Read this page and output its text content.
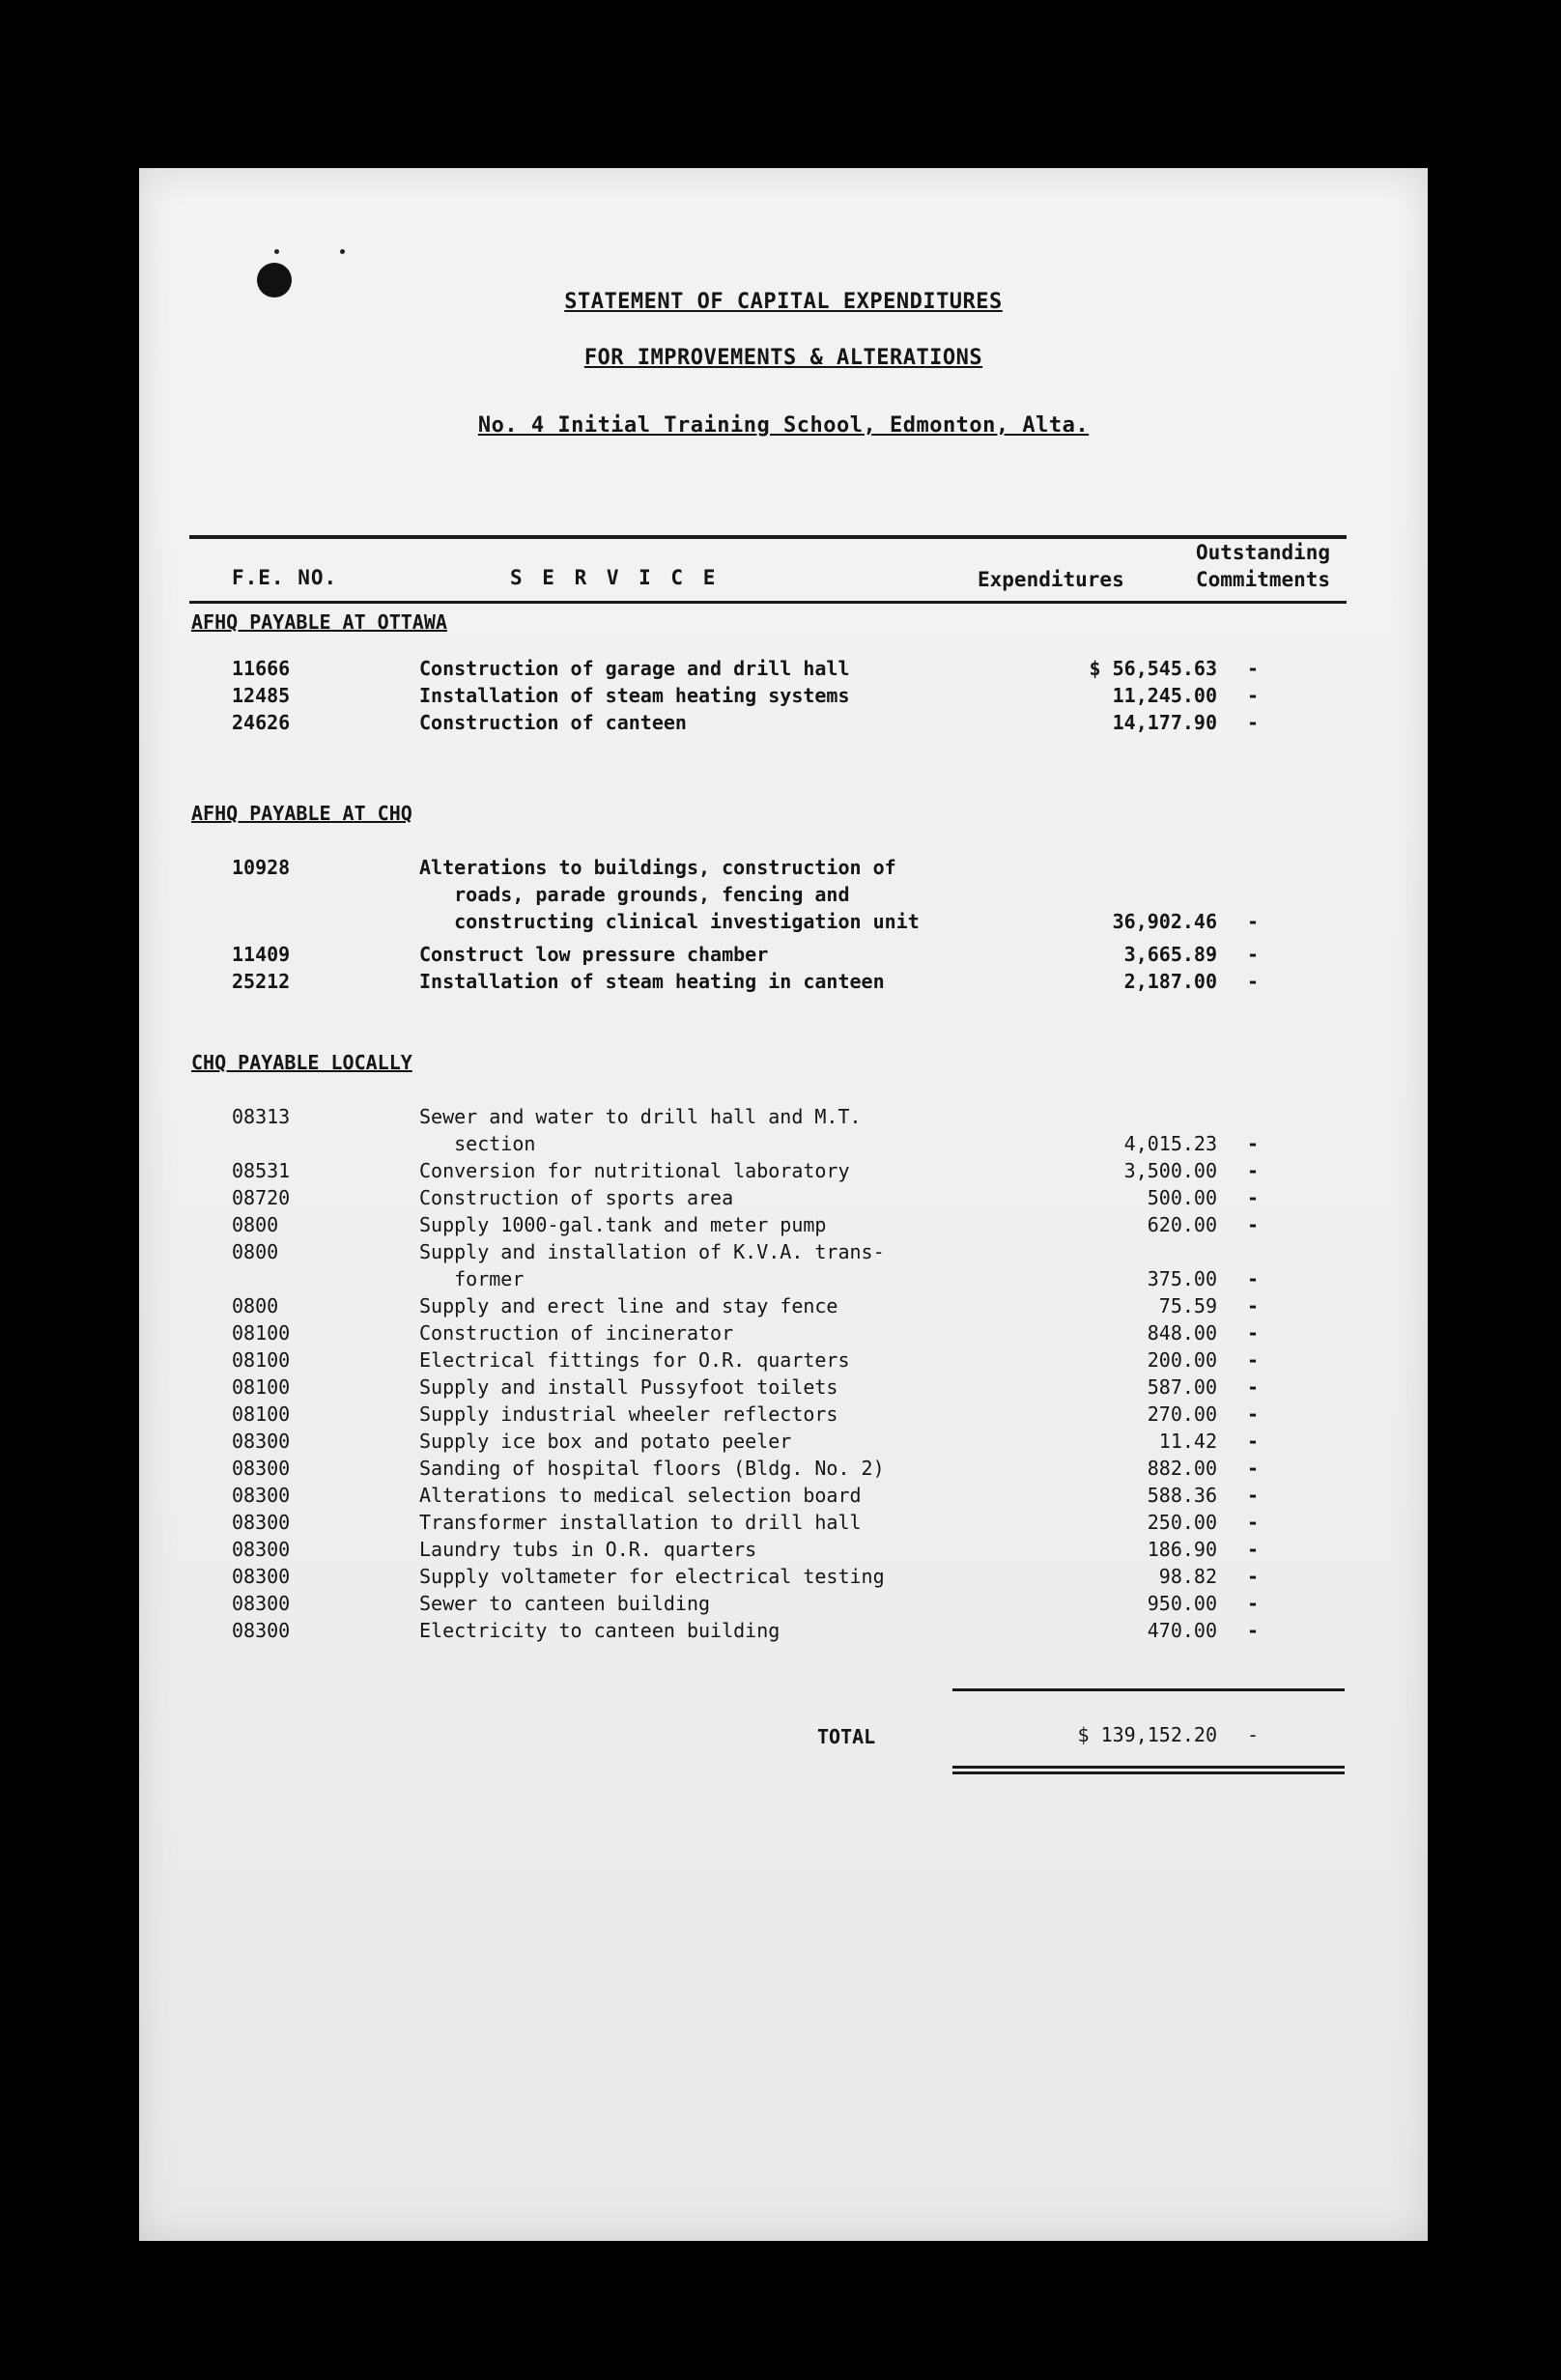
STATEMENT OF CAPITAL EXPENDITURES
FOR IMPROVEMENTS & ALTERATIONS
No. 4 Initial Training School, Edmonton, Alta.
F.E. NO.	S E R V I C E	Expenditures
Outstanding
Commitments
AFHQ PAYABLE AT OTTAWA
AFHQ PAYABLE AT CHQ
CHQ PAYABLE LOCALLY
11666	Construction of garage and drill hall	$ 56,545.63	-
12485	Installation of steam heating systems	11,245.00	-
24626	Construction of canteen	14,177.90	-
10928	Alterations to buildings, construction of
roads, parade grounds, fencing and
constructing clinical investigation unit	36,902.46	-
11409	Construct low pressure chamber	3,665.89	-
25212	Installation of steam heating in canteen	2,187.00	-
08313	Sewer and water to drill hall and M.T.
section	4,015.23	-
08531	Conversion for nutritional laboratory	3,500.00	-
08720	Construction of sports area	500.00	-
0800	Supply 1000-gal.tank and meter pump	620.00	-
0800	Supply and installation of K.V.A. trans-
former	375.00	-
0800	Supply and erect line and stay fence	75.59	-
08100	Construction of incinerator	848.00	-
08100	Electrical fittings for O.R. quarters	200.00	-
08100	Supply and install Pussyfoot toilets	587.00	-
08100	Supply industrial wheeler reflectors	270.00	-
08300	Supply ice box and potato peeler	11.42	-
08300	Sanding of hospital floors (Bldg. No. 2)	882.00	-
08300	Alterations to medical selection board	588.36	-
08300	Transformer installation to drill hall	250.00	-
08300	Laundry tubs in O.R. quarters	186.90	-
08300	Supply voltameter for electrical testing	98.82	-
08300	Sewer to canteen building	950.00	-
08300	Electricity to canteen building	470.00	-
TOTAL	$ 139,152.20	-
